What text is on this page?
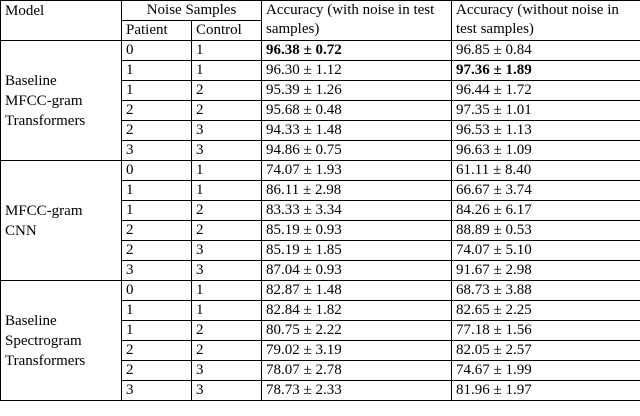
Model	Noise Samples		Accuracy (with noise in test samples)	Accuracy (without noise in test samples)
	Patient	Control		

Baseline
MFCC-gram
Transformers	0	1	96.38 ± 0.72	96.85 ± 0.84
	1	1	96.30 ± 1.12	97.36 ± 1.89
	1	2	95.39 ± 1.26	96.44 ± 1.72
	2	2	95.68 ± 0.48	97.35 ± 1.01
	2	3	94.33 ± 1.48	96.53 ± 1.13
	3	3	94.86 ± 0.75	96.63 ± 1.09

MFCC-gram
CNN	0	1	74.07 ± 1.93	61.11 ± 8.40
	1	1	86.11 ± 2.98	66.67 ± 3.74
	1	2	83.33 ± 3.34	84.26 ± 6.17
	2	2	85.19 ± 0.93	88.89 ± 0.53
	2	3	85.19 ± 1.85	74.07 ± 5.10
	3	3	87.04 ± 0.93	91.67 ± 2.98

Baseline
Spectrogram
Transformers	0	1	82.87 ± 1.48	68.73 ± 3.88
	1	1	82.84 ± 1.82	82.65 ± 2.25
	1	2	80.75 ± 2.22	77.18 ± 1.56
	2	2	79.02 ± 3.19	82.05 ± 2.57
	2	3	78.07 ± 2.78	74.67 ± 1.99
	3	3	78.73 ± 2.33	81.96 ± 1.97
